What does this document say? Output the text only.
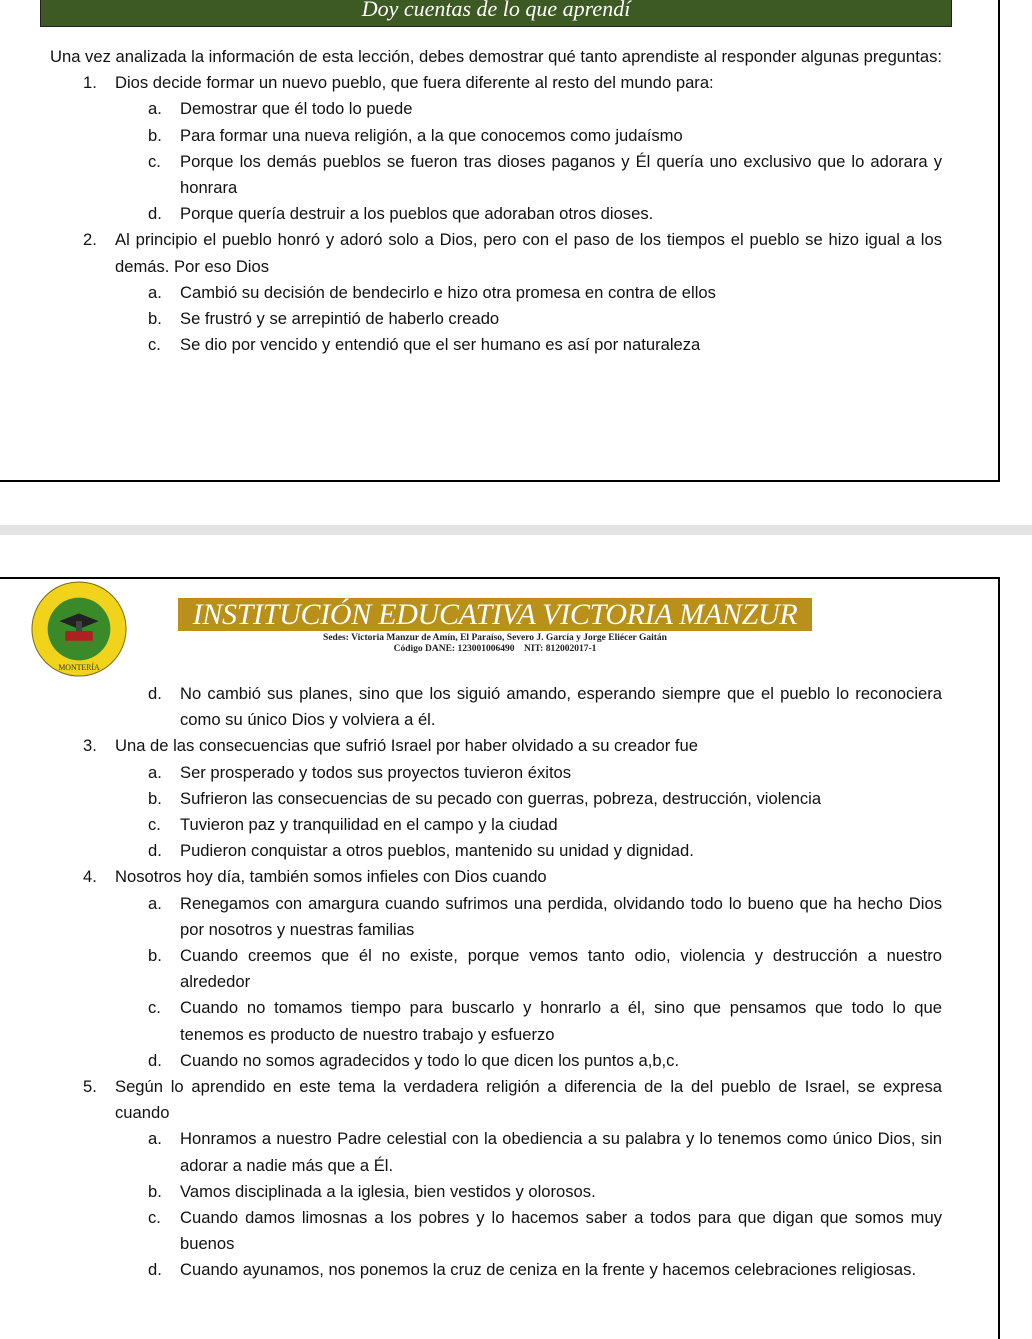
Doy cuentas de lo que aprendí

Una vez analizada la información de esta lección, debes demostrar qué tanto aprendiste al responder algunas preguntas:

1. Dios decide formar un nuevo pueblo, que fuera diferente al resto del mundo para:
a. Demostrar que él todo lo puede
b. Para formar una nueva religión, a la que conocemos como judaísmo
c. Porque los demás pueblos se fueron tras dioses paganos y Él quería uno exclusivo que lo adorara y honrara
d. Porque quería destruir a los pueblos que adoraban otros dioses.
2. Al principio el pueblo honró y adoró solo a Dios, pero con el paso de los tiempos el pueblo se hizo igual a los demás. Por eso Dios
a. Cambió su decisión de bendecirlo e hizo otra promesa en contra de ellos
b. Se frustró y se arrepintió de haberlo creado
c. Se dio por vencido y entendió que el ser humano es así por naturaleza
MONTERÍA
INSTITUCIÓN EDUCATIVA VICTORIA MANZUR
Sedes: Victoria Manzur de Amín, El Paraíso, Severo J. García y Jorge Eliécer Gaitán
Código DANE: 123001006490    NIT: 812002017-1
d. No cambió sus planes, sino que los siguió amando, esperando siempre que el pueblo lo reconociera como su único Dios y volviera a él.
3. Una de las consecuencias que sufrió Israel por haber olvidado a su creador fue
a. Ser prosperado y todos sus proyectos tuvieron éxitos
b. Sufrieron las consecuencias de su pecado con guerras, pobreza, destrucción, violencia
c. Tuvieron paz y tranquilidad en el campo y la ciudad
d. Pudieron conquistar a otros pueblos, mantenido su unidad y dignidad.
4. Nosotros hoy día, también somos infieles con Dios cuando
a. Renegamos con amargura cuando sufrimos una perdida, olvidando todo lo bueno que ha hecho Dios por nosotros y nuestras familias
b. Cuando creemos que él no existe, porque vemos tanto odio, violencia y destrucción a nuestro alrededor
c. Cuando no tomamos tiempo para buscarlo y honrarlo a él, sino que pensamos que todo lo que tenemos es producto de nuestro trabajo y esfuerzo
d. Cuando no somos agradecidos y todo lo que dicen los puntos a,b,c.
5. Según lo aprendido en este tema la verdadera religión a diferencia de la del pueblo de Israel, se expresa cuando
a. Honramos a nuestro Padre celestial con la obediencia a su palabra y lo tenemos como único Dios, sin adorar a nadie más que a Él.
b. Vamos disciplinada a la iglesia, bien vestidos y olorosos.
c. Cuando damos limosnas a los pobres y lo hacemos saber a todos para que digan que somos muy buenos
d. Cuando ayunamos, nos ponemos la cruz de ceniza en la frente y hacemos celebraciones religiosas.
